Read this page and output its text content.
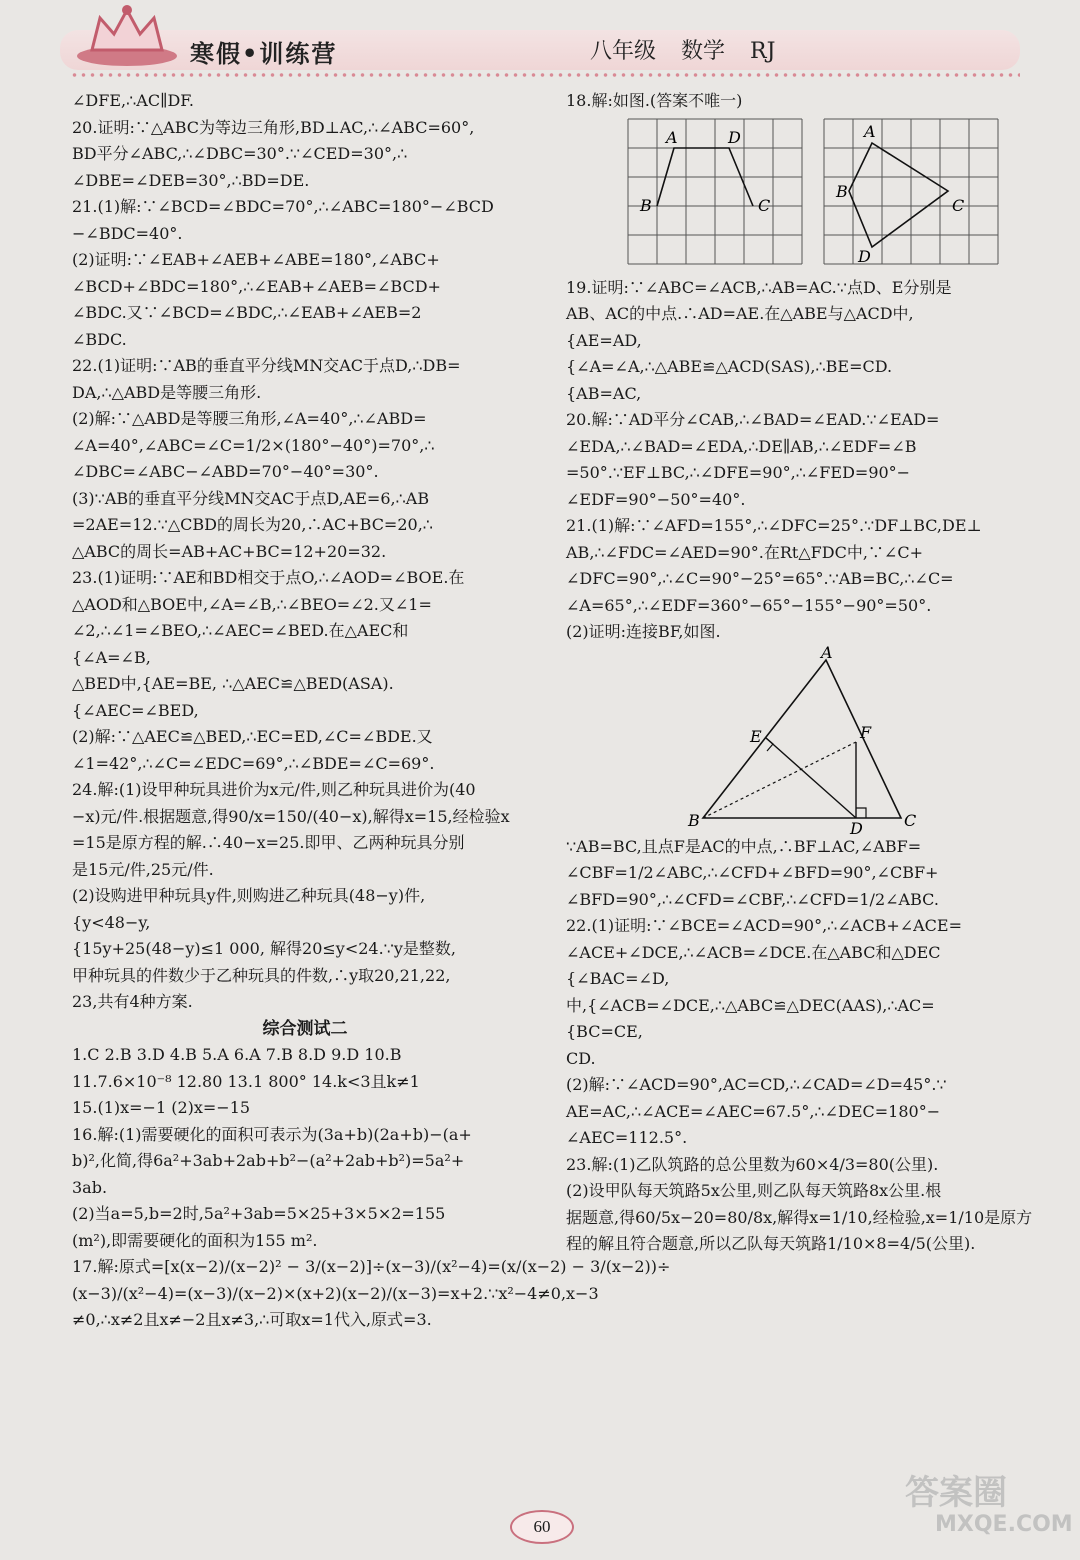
寒假•训练营	八年级 数学 RJ
∠DFE,∴AC∥DF.
20.证明:∵△ABC为等边三角形,BD⊥AC,∴∠ABC=60°,
BD平分∠ABC,∴∠DBC=30°.∵∠CED=30°,∴
∠DBE=∠DEB=30°,∴BD=DE.
21.(1)解:∵∠BCD=∠BDC=70°,∴∠ABC=180°−∠BCD
−∠BDC=40°.
(2)证明:∵∠EAB+∠AEB+∠ABE=180°,∠ABC+
∠BCD+∠BDC=180°,∴∠EAB+∠AEB=∠BCD+
∠BDC.又∵∠BCD=∠BDC,∴∠EAB+∠AEB=2
∠BDC.
22.(1)证明:∵AB的垂直平分线MN交AC于点D,∴DB=
DA,∴△ABD是等腰三角形.
(2)解:∵△ABD是等腰三角形,∠A=40°,∴∠ABD=
∠A=40°,∠ABC=∠C=1/2×(180°−40°)=70°,∴
∠DBC=∠ABC−∠ABD=70°−40°=30°.
(3)∵AB的垂直平分线MN交AC于点D,AE=6,∴AB
=2AE=12.∵△CBD的周长为20,∴AC+BC=20,∴
△ABC的周长=AB+AC+BC=12+20=32.
23.(1)证明:∵AE和BD相交于点O,∴∠AOD=∠BOE.在
△AOD和△BOE中,∠A=∠B,∴∠BEO=∠2.又∠1=
∠2,∴∠1=∠BEO,∴∠AEC=∠BED.在△AEC和
{∠A=∠B,
△BED中,{AE=BE, ∴△AEC≌△BED(ASA).
{∠AEC=∠BED,
(2)解:∵△AEC≌△BED,∴EC=ED,∠C=∠BDE.又
∠1=42°,∴∠C=∠EDC=69°,∴∠BDE=∠C=69°.
24.解:(1)设甲种玩具进价为x元/件,则乙种玩具进价为(40
−x)元/件.根据题意,得90/x=150/(40−x),解得x=15,经检验x
=15是原方程的解.∴40−x=25.即甲、乙两种玩具分别
是15元/件,25元/件.
(2)设购进甲种玩具y件,则购进乙种玩具(48−y)件,
{y<48−y,
{15y+25(48−y)≤1 000, 解得20≤y<24.∵y是整数,
甲种玩具的件数少于乙种玩具的件数,∴y取20,21,22,
23,共有4种方案.
综合测试二
1.C 2.B 3.D 4.B 5.A 6.A 7.B 8.D 9.D 10.B
11.7.6×10⁻⁸ 12.80 13.1 800° 14.k<3且k≠1
15.(1)x=−1 (2)x=−15
16.解:(1)需要硬化的面积可表示为(3a+b)(2a+b)−(a+
b)²,化简,得6a²+3ab+2ab+b²−(a²+2ab+b²)=5a²+
3ab.
(2)当a=5,b=2时,5a²+3ab=5×25+3×5×2=155
(m²),即需要硬化的面积为155 m².
17.解:原式=[x(x−2)/(x−2)² − 3/(x−2)]÷(x−3)/(x²−4)=(x/(x−2) − 3/(x−2))÷
(x−3)/(x²−4)=(x−3)/(x−2)×(x+2)(x−2)/(x−3)=x+2.∵x²−4≠0,x−3
≠0,∴x≠2且x≠−2且x≠3,∴可取x=1代入,原式=3.
18.解:如图.(答案不唯一)
A	D
B	C
A
B
C
D
19.证明:∵∠ABC=∠ACB,∴AB=AC.∵点D、E分别是
AB、AC的中点.∴AD=AE.在△ABE与△ACD中,
{AE=AD,
{∠A=∠A,∴△ABE≌△ACD(SAS),∴BE=CD.
{AB=AC,
20.解:∵AD平分∠CAB,∴∠BAD=∠EAD.∵∠EAD=
∠EDA,∴∠BAD=∠EDA,∴DE∥AB,∴∠EDF=∠B
=50°.∵EF⊥BC,∴∠DFE=90°,∴∠FED=90°−
∠EDF=90°−50°=40°.
21.(1)解:∵∠AFD=155°,∴∠DFC=25°.∵DF⊥BC,DE⊥
AB,∴∠FDC=∠AED=90°.在Rt△FDC中,∵∠C+
∠DFC=90°,∴∠C=90°−25°=65°.∵AB=BC,∴∠C=
∠A=65°,∴∠EDF=360°−65°−155°−90°=50°.
(2)证明:连接BF,如图.
A
E	F
B	D	C
∵AB=BC,且点F是AC的中点,∴BF⊥AC,∠ABF=
∠CBF=1/2∠ABC,∴∠CFD+∠BFD=90°,∠CBF+
∠BFD=90°,∴∠CFD=∠CBF,∴∠CFD=1/2∠ABC.
22.(1)证明:∵∠BCE=∠ACD=90°,∴∠ACB+∠ACE=
∠ACE+∠DCE,∴∠ACB=∠DCE.在△ABC和△DEC
{∠BAC=∠D,
中,{∠ACB=∠DCE,∴△ABC≌△DEC(AAS),∴AC=
{BC=CE,
CD.
(2)解:∵∠ACD=90°,AC=CD,∴∠CAD=∠D=45°.∵
AE=AC,∴∠ACE=∠AEC=67.5°,∴∠DEC=180°−
∠AEC=112.5°.
23.解:(1)乙队筑路的总公里数为60×4/3=80(公里).
(2)设甲队每天筑路5x公里,则乙队每天筑路8x公里.根
据题意,得60/5x−20=80/8x,解得x=1/10,经检验,x=1/10是原方
程的解且符合题意,所以乙队每天筑路1/10×8=4/5(公里).
60
答案圈
MXQE.COM
